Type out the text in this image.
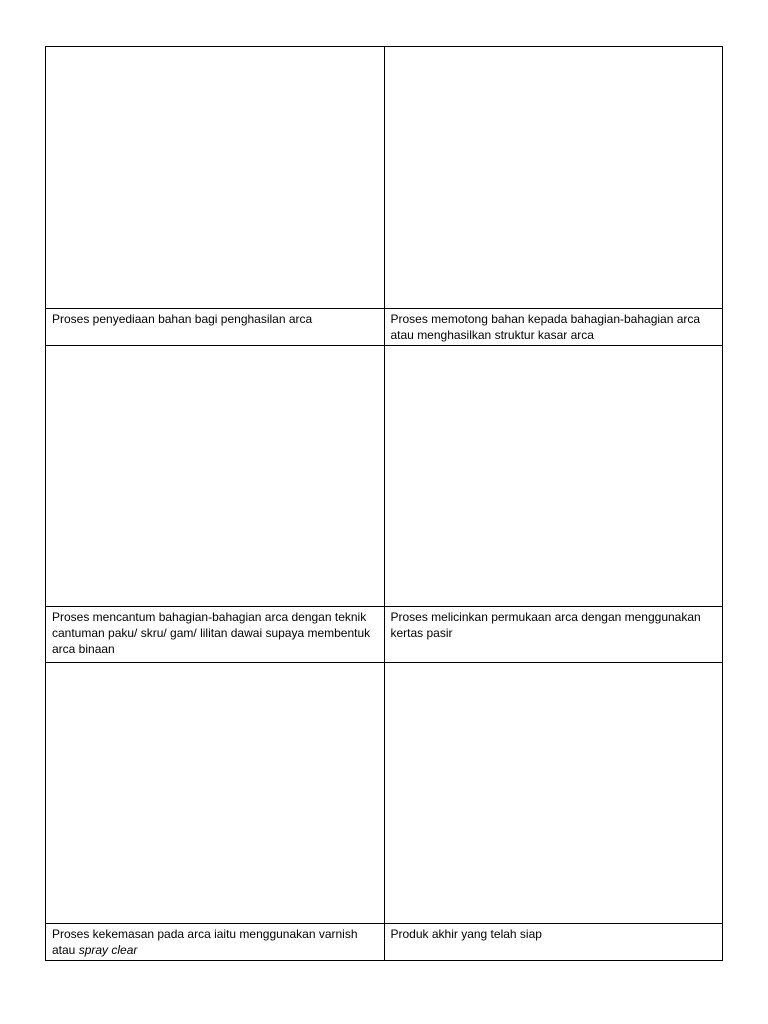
Proses penyediaan bahan bagi penghasilan arca	Proses memotong bahan kepada bahagian-bahagian arca atau menghasilkan struktur kasar arca

Proses mencantum bahagian-bahagian arca dengan teknik cantuman paku/ skru/ gam/ lilitan dawai supaya membentuk arca binaan	Proses melicinkan permukaan arca dengan menggunakan kertas pasir

Proses kekemasan pada arca iaitu menggunakan varnish atau spray clear	Produk akhir yang telah siap
